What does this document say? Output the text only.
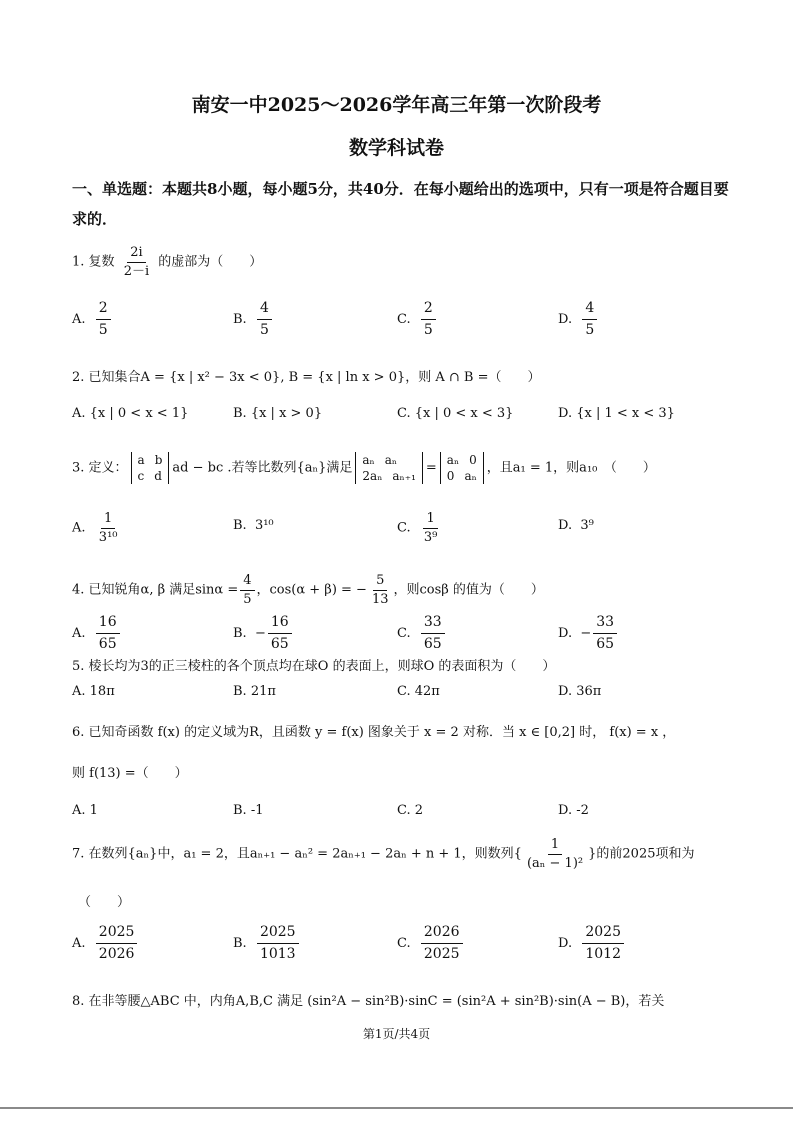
南安一中2025～2026学年高三年第一次阶段考
数学科试卷
一、单选题：本题共8小题，每小题5分，共40分．在每小题给出的选项中，只有一项是符合题目要求的．
1. 复数 $\frac{2i}{2-i}$ 的虚部为（　　）
A. $\frac{2}{5}$	B. $\frac{4}{5}$	C. $\frac{2}{5}$	D. $\frac{4}{5}$
2. 已知集合A = {x | x² − 3x < 0}, B = {x | ln x > 0}，则 A ∩ B =（　　）
A. {x | 0 < x < 1}	B. {x | x > 0}	C. {x | 0 < x < 3}	D. {x | 1 < x < 3}
3. 定义：
a b
c d
ad − bc .若等比数列{aₙ}满足
aₙ aₙ
2aₙ aₙ₊₁
=
aₙ 0
0 aₙ
，且a₁ = 1，则a₁₀　（　　）
A. $\frac{1}{\text{3¹⁰}}$	B. 3¹⁰	C. $\frac{1}{\text{3⁹}}$	D. 3⁹
4. 已知锐角α, β 满足$\sin\alpha = \frac{4}{5}$ ，cos(α + β) = − $\frac{5}{13}$ ，则cosβ 的值为（　　）
A. $\frac{16}{65}$	B. − $\frac{16}{65}$	C. $\frac{33}{65}$	D. − $\frac{33}{65}$
5. 棱长均为3的正三棱柱的各个顶点均在球O 的表面上，则球O 的表面积为（　　）
A. 18π	B. 21π	C. 42π	D. 36π
6. 已知奇函数 f(x) 的定义域为R，且函数 y = f(x) 图象关于 x = 2 对称．当 x ∈ [0,2] 时， f(x) = x ，
则 f(13) =（　　）
A. 1	B. -1	C. 2	D. -2
7. 在数列{aₙ}中，a₁ = 2，且aₙ₊₁ − aₙ² = 2aₙ₊₁ − 2aₙ + n + 1，则数列{ $\frac{1}{\text{(aₙ − 1)²}}$ }的前2025项和为
（　　）
A. $\frac{2025}{2026}$	B. $\frac{2025}{1013}$	C. $\frac{2026}{2025}$	D. $\frac{2025}{1012}$
8. 在非等腰△ABC 中，内角A,B,C 满足 (sin²A − sin²B)·sinC = (sin²A + sin²B)·sin(A − B)，若关
第1页/共4页
